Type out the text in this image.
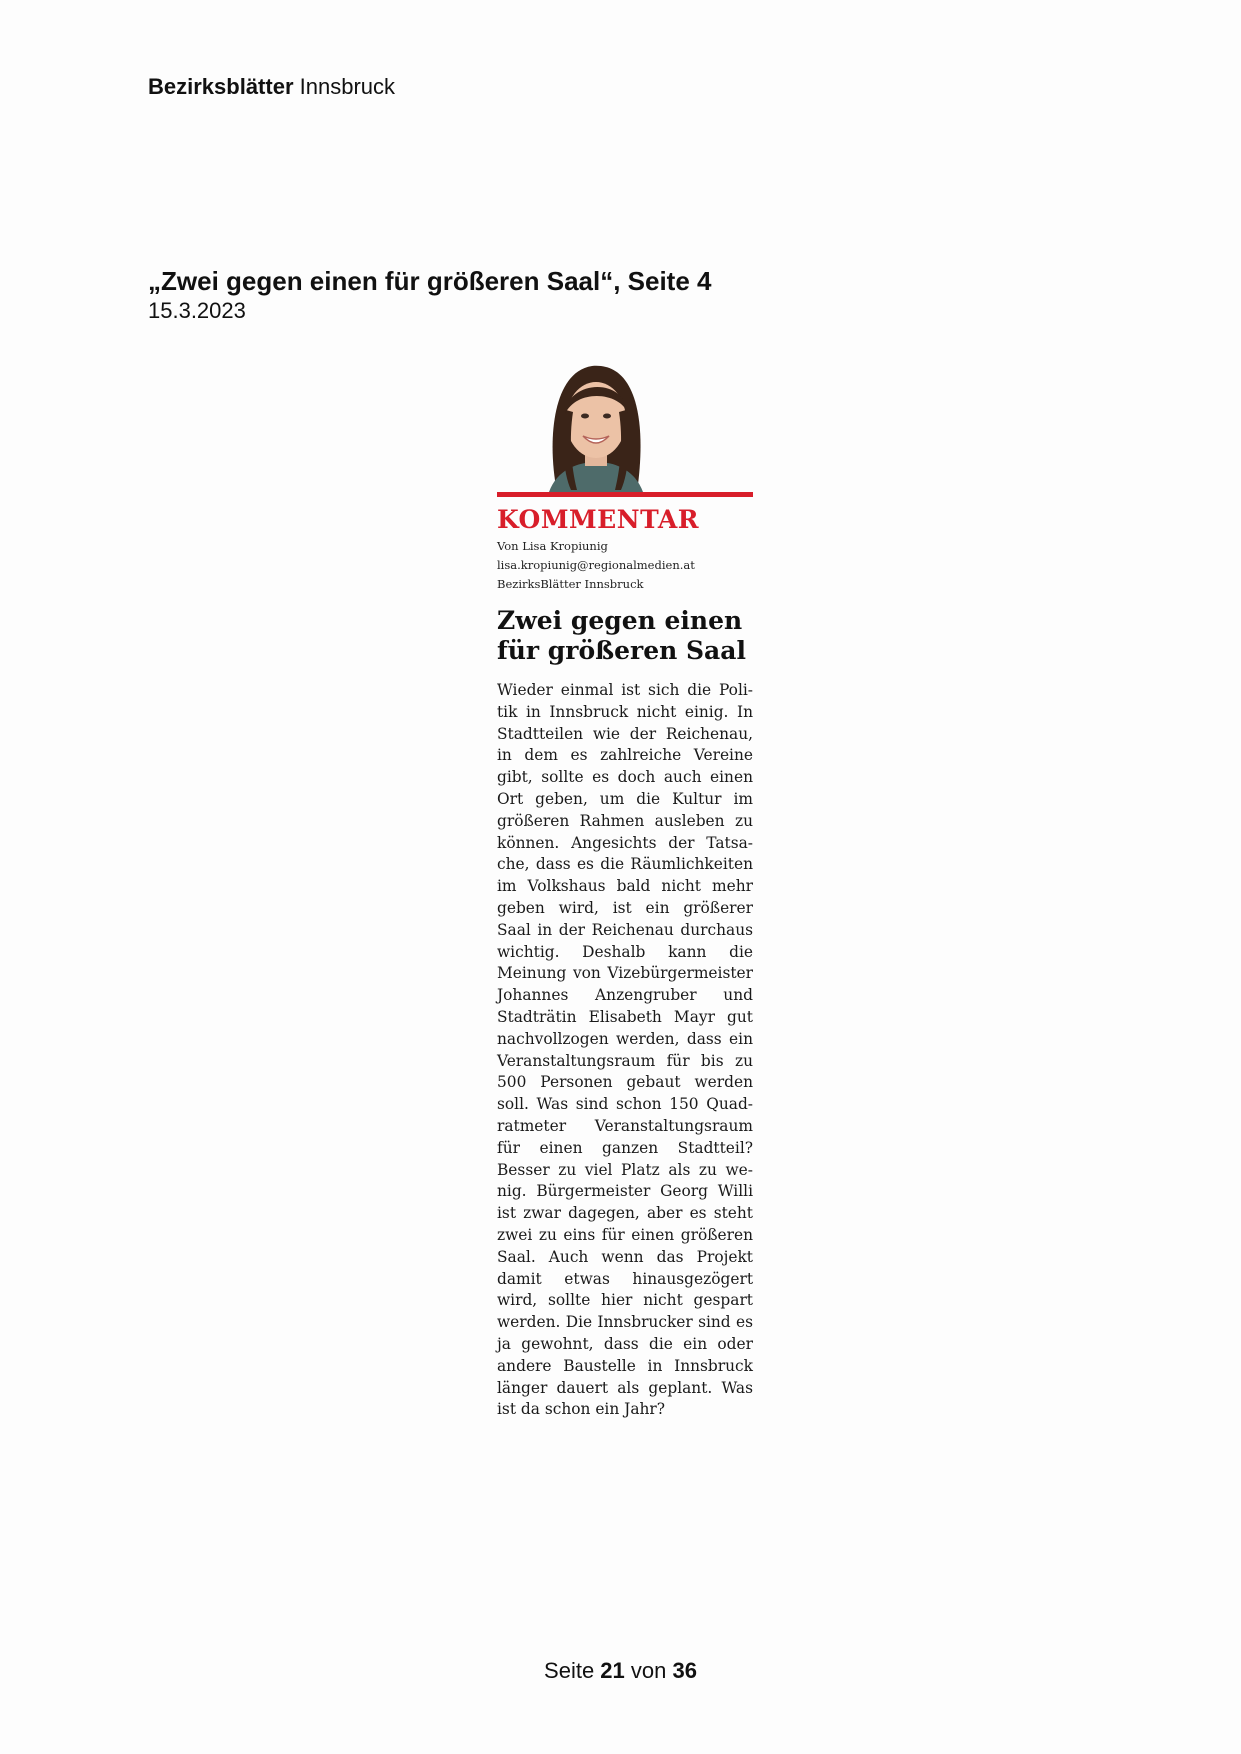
Bezirksblätter Innsbruck
„Zwei gegen einen für größeren Saal“, Seite 4
15.3.2023
KOMMENTAR
Von Lisa Kropiunig
lisa.kropiunig@regionalmedien.at
BezirksBlätter Innsbruck
Zwei gegen einen für größeren Saal
Wieder einmal ist sich die Politik in Innsbruck nicht einig. In Stadtteilen wie der Reichenau, in dem es zahlreiche Vereine gibt, sollte es doch auch einen Ort geben, um die Kultur im größeren Rahmen ausleben zu können. Angesichts der Tatsache, dass es die Räumlichkeiten im Volkshaus bald nicht mehr geben wird, ist ein größerer Saal in der Reichenau durchaus wichtig. Deshalb kann die Meinung von Vizebürgermeister Johannes Anzengruber und Stadträtin Elisabeth Mayr gut nachvollzogen werden, dass ein Veranstaltungsraum für bis zu 500 Personen gebaut werden soll. Was sind schon 150 Quadratmeter Veranstaltungsraum für einen ganzen Stadtteil? Besser zu viel Platz als zu wenig. Bürgermeister Georg Willi ist zwar dagegen, aber es steht zwei zu eins für einen größeren Saal. Auch wenn das Projekt damit etwas hinausgezögert wird, sollte hier nicht gespart werden. Die Innsbrucker sind es ja gewohnt, dass die ein oder andere Baustelle in Innsbruck länger dauert als geplant. Was ist da schon ein Jahr?
Seite 21 von 36
